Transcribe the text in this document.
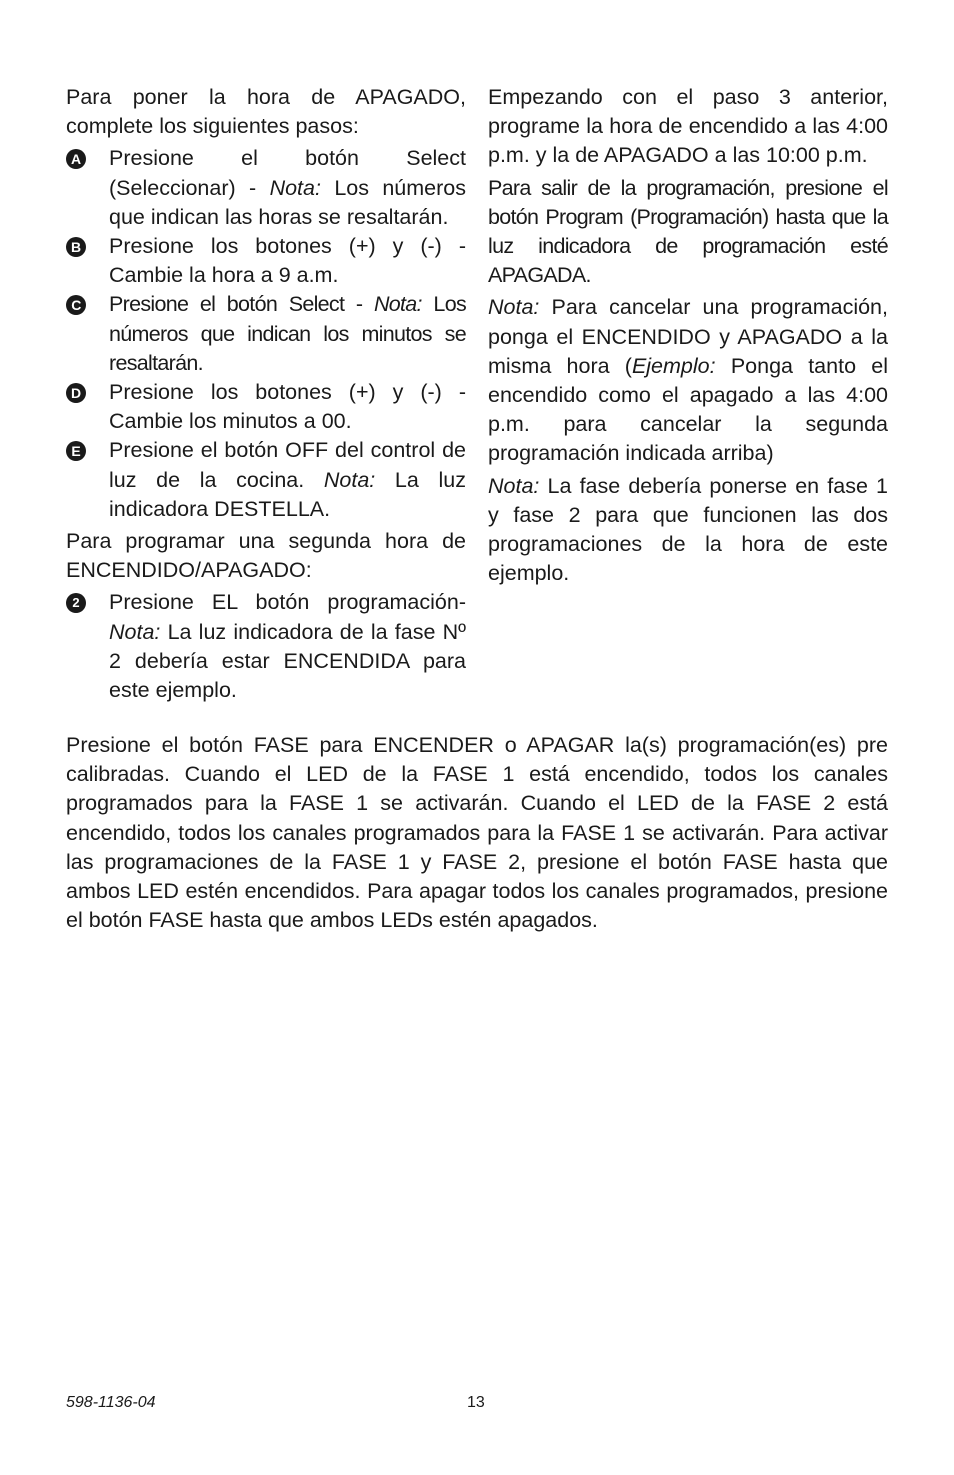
Para poner la hora de APAGADO, complete los siguientes pasos:

A Presione el botón Select (Seleccionar) - Nota: Los números que indican las horas se resaltarán.

B Presione los botones (+) y (-) - Cambie la hora a 9 a.m.

C Presione el botón Select - Nota: Los números que indican los minutos se resaltarán.

D Presione los botones (+) y (-) - Cambie los minutos a 00.

E Presione el botón OFF del control de luz de la cocina. Nota: La luz indicadora DESTELLA.

Para programar una segunda hora de ENCENDIDO/APAGADO:

2 Presione EL botón programación- Nota: La luz indicadora de la fase Nº 2 debería estar ENCENDIDA para este ejemplo.

Empezando con el paso 3 anterior, programe la hora de encendido a las 4:00 p.m. y la de APAGADO a las 10:00 p.m.

Para salir de la programación, presione el botón Program (Programación) hasta que la luz indicadora de programación esté APAGADA.

Nota: Para cancelar una programación, ponga el ENCENDIDO y APAGADO a la misma hora (Ejemplo: Ponga tanto el encendido como el apagado a las 4:00 p.m. para cancelar la segunda programación indicada arriba)

Nota: La fase debería ponerse en fase 1 y fase 2 para que funcionen las dos programaciones de la hora de este ejemplo.

Presione el botón FASE para ENCENDER o APAGAR la(s) programación(es) pre calibradas. Cuando el LED de la FASE 1 está encendido, todos los canales programados para la FASE 1 se activarán. Cuando el LED de la FASE 2 está encendido, todos los canales programados para la FASE 1 se activarán. Para activar las programaciones de la FASE 1 y FASE 2, presione el botón FASE hasta que ambos LED estén encendidos. Para apagar todos los canales programados, presione el botón FASE hasta que ambos LEDs estén apagados.

598-1136-04	13
